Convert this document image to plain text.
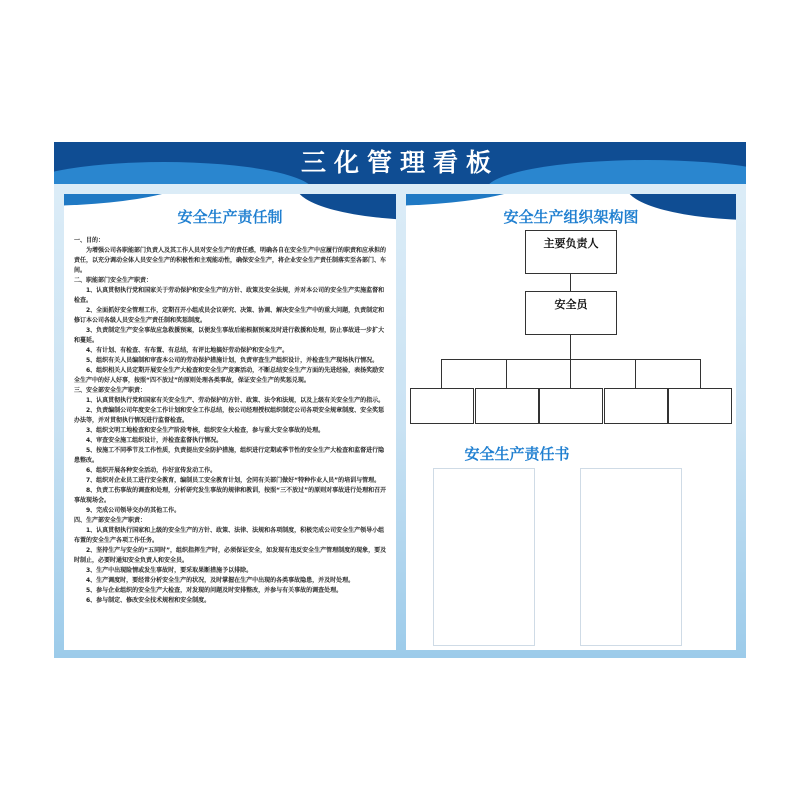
三化管理看板
安全生产责任制

一、目的：

为增强公司各职能部门负责人及其工作人员对安全生产的责任感，明确各自在安全生产中应履行的职责和应承担的责任，以充分调动全体人员安全生产的积极性和主观能动性，确保安全生产，将企业安全生产责任制落实至各部门、车间。

二、职能部门安全生产职责：

1、认真贯彻执行党和国家关于劳动保护和安全生产的方针、政策及安全法规，并对本公司的安全生产实施监督和检查。

2、全面抓好安全管理工作，定期召开小组成员会议研究、决策、协调、解决安全生产中的重大问题，负责制定和修订本公司各级人员安全生产责任制和奖惩制度。

3、负责制定生产安全事故应急救援预案，以便发生事故后能根据预案及时进行救援和处理，防止事故进一步扩大和蔓延。

4、有计划、有检查、有布置、有总结，有评比地搞好劳动保护和安全生产。

5、组织有关人员编制和审查本公司的劳动保护措施计划，负责审查生产组织设计，并检查生产现场执行情况。

6、组织相关人员定期开展安全生产大检查和安全生产竞赛活动，不断总结安全生产方面的先进经验，表扬奖励安全生产中的好人好事，按照“四不放过”的原则处理各类事故，保证安全生产的奖惩兑现。

三、安全部安全生产职责：

1、认真贯彻执行党和国家有关安全生产、劳动保护的方针、政策、法令和法规，以及上级有关安全生产的指示。

2、负责编制公司年度安全工作计划和安全工作总结，按公司经理授权组织制定公司各项安全规章制度、安全奖惩办法等，并对贯彻执行情况进行监督检查。

3、组织文明工地检查和安全生产阶段考核，组织安全大检查，参与重大安全事故的处理。

4、审查安全施工组织设计，并检查监督执行情况。

5、按施工不同季节及工作性质，负责提出安全防护措施，组织进行定期或季节性的安全生产大检查和监督进行隐患整改。

6、组织开展各种安全活动，作好宣传发动工作。

7、组织对企业员工进行安全教育，编制员工安全教育计划，会同有关部门做好“特种作业人员”的培训与管理。

8、负责工伤事故的调查和处理，分析研究发生事故的规律和教训，按照“三不放过”的原则对事故进行处理和召开事故现场会。

9、完成公司领导交办的其他工作。

四、生产部安全生产职责：

1、认真贯彻执行国家和上级的安全生产的方针、政策、法律、法规和各项制度，积极完成公司安全生产领导小组布置的安全生产各项工作任务。

2、坚持生产与安全的“五同时”，组织指挥生产时，必须保证安全，如发现有违反安全生产管理制度的现象，要及时制止，必要时通知安全负责人和安全员。

3、生产中出现险情或发生事故时，要采取果断措施予以排除。

4、生产调度时，要经常分析安全生产的状况，及时掌握在生产中出现的各类事故隐患，并及时处理。

5、参与企业组织的安全生产大检查，对发现的问题及时安排整改，并参与有关事故的调查处理。

6、参与制定、修改安全技术规程和安全制度。

安全生产组织架构图
主要负责人
安全员
安全生产责任书
